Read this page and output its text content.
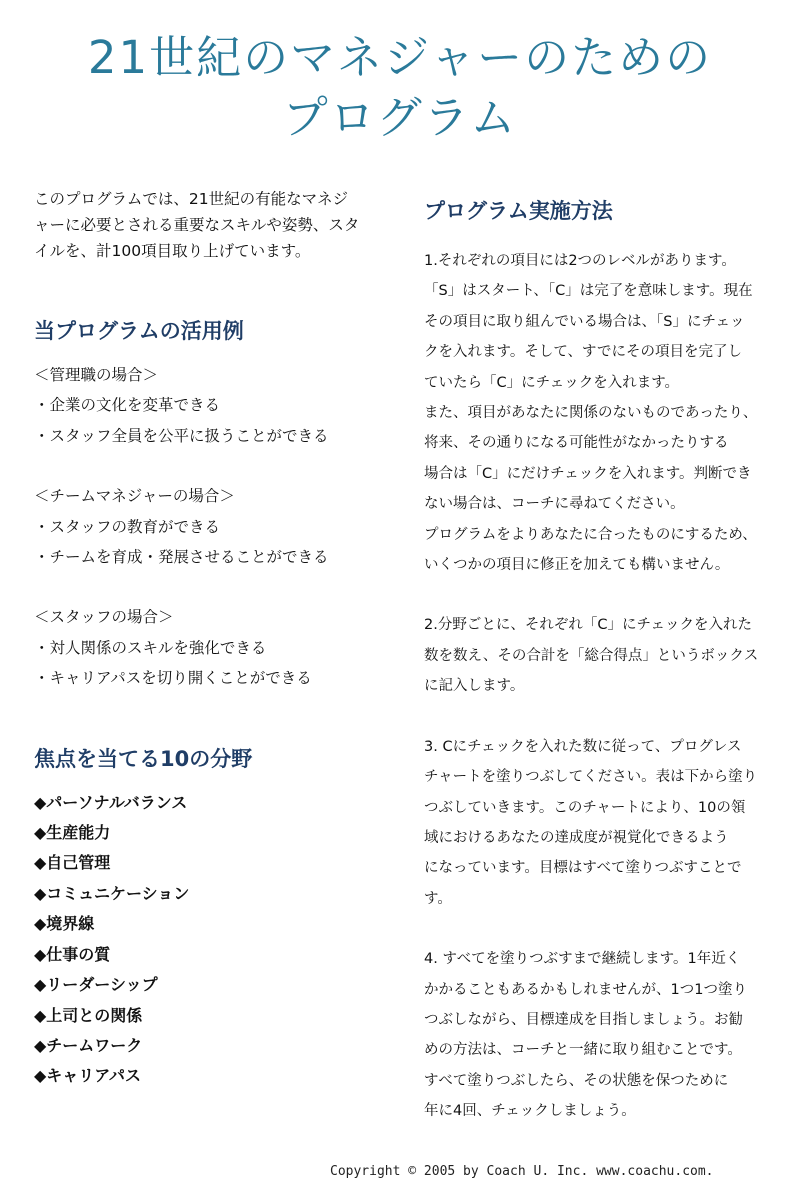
21世紀のマネジャーのための
プログラム
このプログラムでは、21世紀の有能なマネジ
ャーに必要とされる重要なスキルや姿勢、スタ
イルを、計100項目取り上げています。
当プログラムの活用例
＜管理職の場合＞
・企業の文化を変革できる
・スタッフ全員を公平に扱うことができる
＜チームマネジャーの場合＞
・スタッフの教育ができる
・チームを育成・発展させることができる
＜スタッフの場合＞
・対人関係のスキルを強化できる
・キャリアパスを切り開くことができる
焦点を当てる10の分野
◆パーソナルバランス
◆生産能力
◆自己管理
◆コミュニケーション
◆境界線
◆仕事の質
◆リーダーシップ
◆上司との関係
◆チームワーク
◆キャリアパス
プログラム実施方法
1.それぞれの項目には2つのレベルがあります。
「S」はスタート、「C」は完了を意味します。現在
その項目に取り組んでいる場合は、「S」にチェッ
クを入れます。そして、すでにその項目を完了し
ていたら「C」にチェックを入れます。
また、項目があなたに関係のないものであったり、
将来、その通りになる可能性がなかったりする
場合は「C」にだけチェックを入れます。判断でき
ない場合は、コーチに尋ねてください。
プログラムをよりあなたに合ったものにするため、
いくつかの項目に修正を加えても構いません。
2.分野ごとに、それぞれ「C」にチェックを入れた
数を数え、その合計を「総合得点」というボックス
に記入します。
3. Cにチェックを入れた数に従って、プログレス
チャートを塗りつぶしてください。表は下から塗り
つぶしていきます。このチャートにより、10の領
域におけるあなたの達成度が視覚化できるよう
になっています。目標はすべて塗りつぶすことで
す。
4. すべてを塗りつぶすまで継続します。1年近く
かかることもあるかもしれませんが、1つ1つ塗り
つぶしながら、目標達成を目指しましょう。お勧
めの方法は、コーチと一緒に取り組むことです。
すべて塗りつぶしたら、その状態を保つために
年に4回、チェックしましょう。
Copyright © 2005 by Coach U. Inc. www.coachu.com.
